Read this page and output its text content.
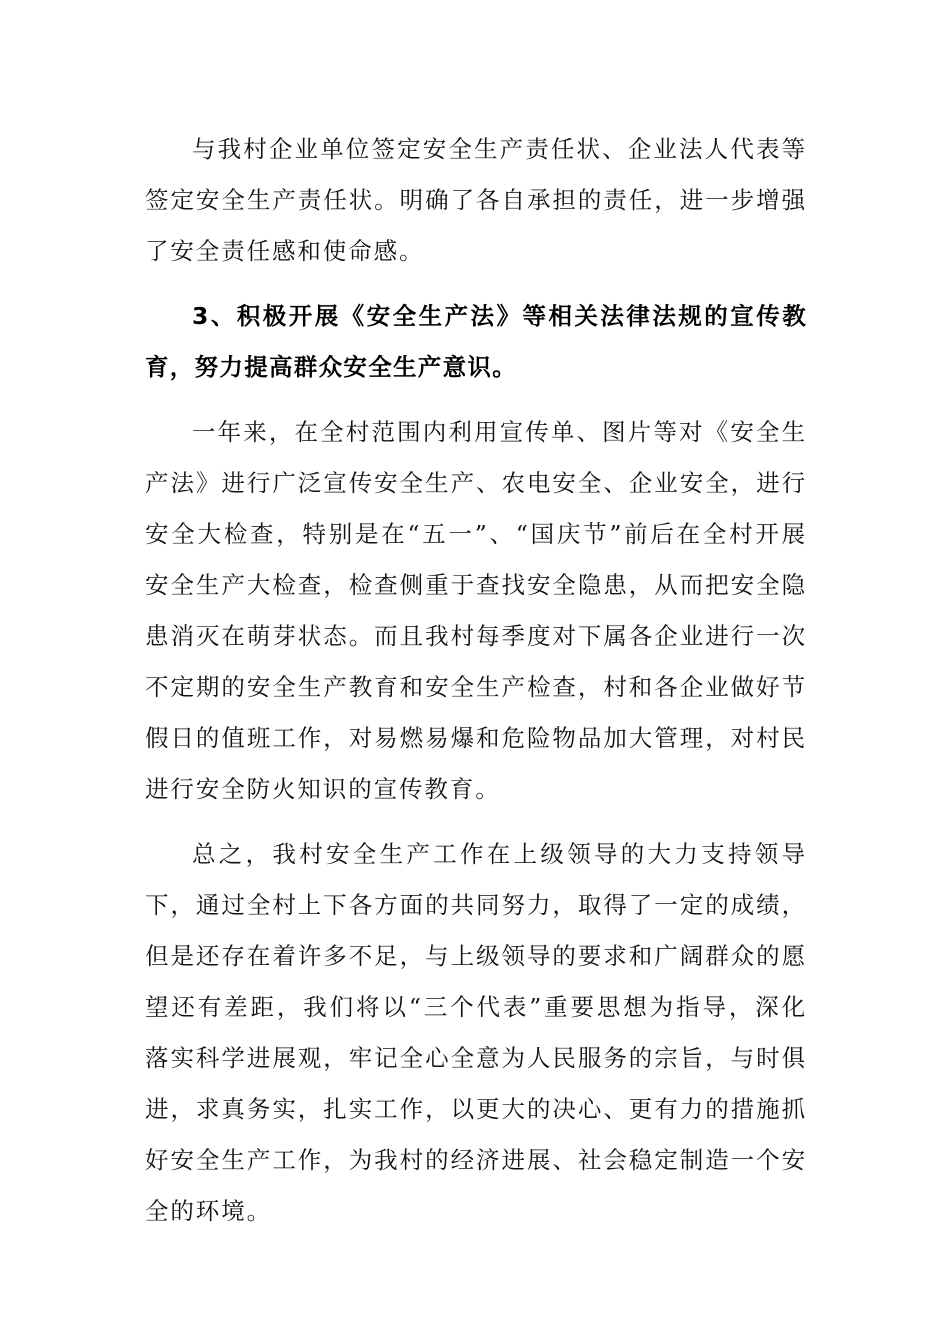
与我村企业单位签定安全生产责任状、企业法人代表等签定安全生产责任状。明确了各自承担的责任，进一步增强了安全责任感和使命感。

3、积极开展《安全生产法》等相关法律法规的宣传教育，努力提高群众安全生产意识。

一年来，在全村范围内利用宣传单、图片等对《安全生产法》进行广泛宣传安全生产、农电安全、企业安全，进行安全大检查，特别是在“五一”、“国庆节”前后在全村开展安全生产大检查，检查侧重于查找安全隐患，从而把安全隐患消灭在萌芽状态。而且我村每季度对下属各企业进行一次不定期的安全生产教育和安全生产检查，村和各企业做好节假日的值班工作，对易燃易爆和危险物品加大管理，对村民进行安全防火知识的宣传教育。

总之，我村安全生产工作在上级领导的大力支持领导下，通过全村上下各方面的共同努力，取得了一定的成绩，但是还存在着许多不足，与上级领导的要求和广阔群众的愿望还有差距，我们将以“三个代表”重要思想为指导，深化落实科学进展观，牢记全心全意为人民服务的宗旨，与时俱进，求真务实，扎实工作，以更大的决心、更有力的措施抓好安全生产工作，为我村的经济进展、社会稳定制造一个安全的环境。
